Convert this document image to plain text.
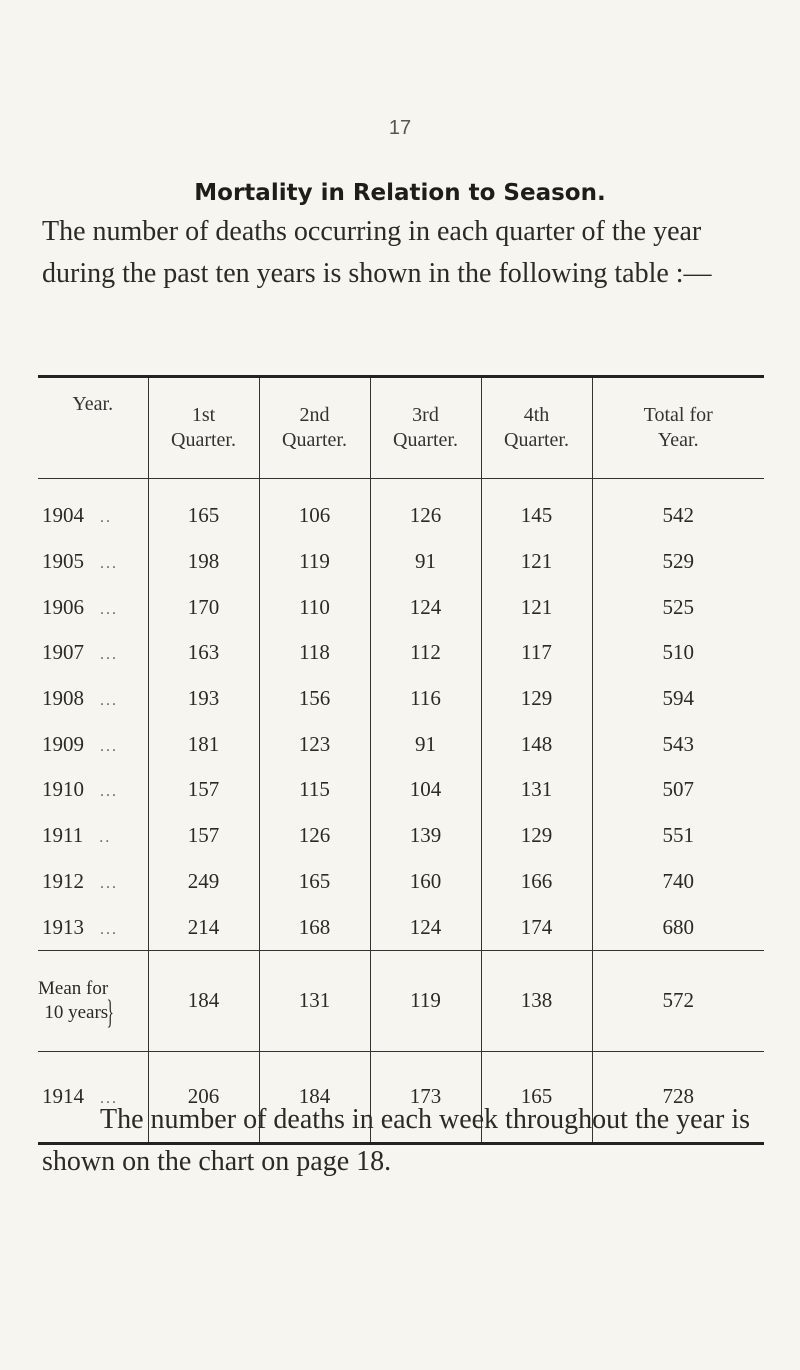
17
Mortality in Relation to Season.
The number of deaths occurring in each quarter of the year during the past ten years is shown in the following table :—
Year.	1st Quarter.	2nd Quarter.	3rd Quarter.	4th Quarter.	Total for Year.

1904 ..	165	106	126	145	542
1905 ...	198	119	91	121	529
1906 ...	170	110	124	121	525
1907 ...	163	118	112	117	510
1908 ...	193	156	116	129	594
1909 ...	181	123	91	148	543
1910 ...	157	115	104	131	507
1911 ..	157	126	139	129	551
1912 ...	249	165	160	166	740
1913 ...	214	168	124	174	680

Mean for
10 years}	184	131	119	138	572

1914 ...	206	184	173	165	728
The number of deaths in each week throughout the year is shown on the chart on page 18.
